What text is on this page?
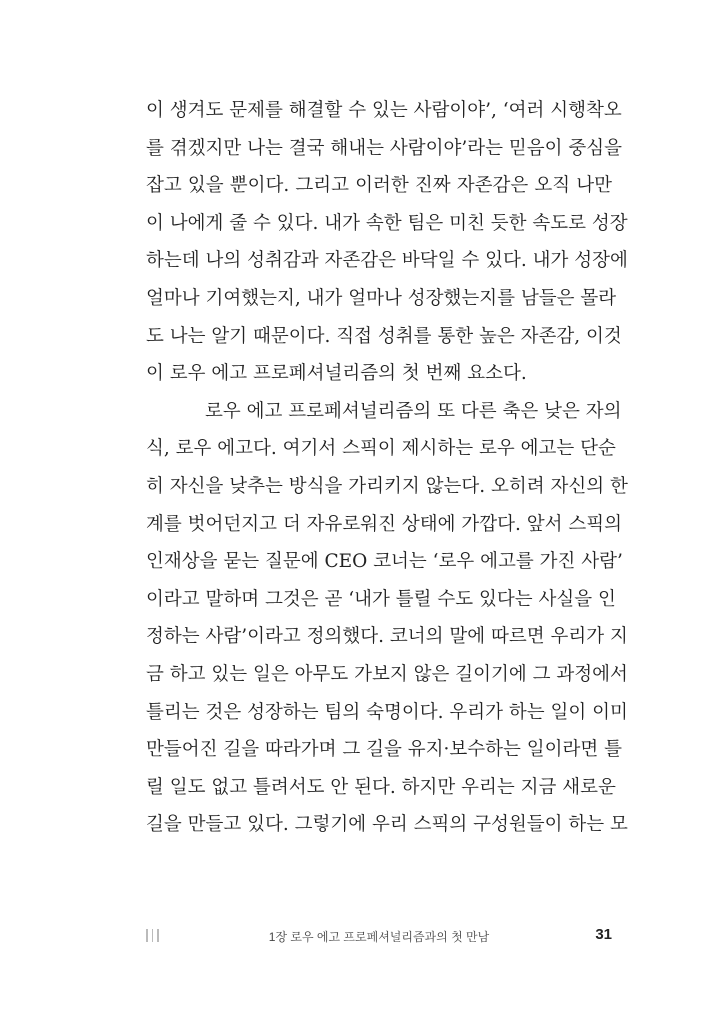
이 생겨도 문제를 해결할 수 있는 사람이야’, ‘여러 시행착오
를 겪겠지만 나는 결국 해내는 사람이야’라는 믿음이 중심을
잡고 있을 뿐이다. 그리고 이러한 진짜 자존감은 오직 나만
이 나에게 줄 수 있다. 내가 속한 팀은 미친 듯한 속도로 성장
하는데 나의 성취감과 자존감은 바닥일 수 있다. 내가 성장에
얼마나 기여했는지, 내가 얼마나 성장했는지를 남들은 몰라
도 나는 알기 때문이다. 직접 성취를 통한 높은 자존감, 이것
이 로우 에고 프로페셔널리즘의 첫 번째 요소다.
로우 에고 프로페셔널리즘의 또 다른 축은 낮은 자의
식, 로우 에고다. 여기서 스픽이 제시하는 로우 에고는 단순
히 자신을 낮추는 방식을 가리키지 않는다. 오히려 자신의 한
계를 벗어던지고 더 자유로워진 상태에 가깝다. 앞서 스픽의
인재상을 묻는 질문에 CEO 코너는 ‘로우 에고를 가진 사람’
이라고 말하며 그것은 곧 ‘내가 틀릴 수도 있다는 사실을 인
정하는 사람’이라고 정의했다. 코너의 말에 따르면 우리가 지
금 하고 있는 일은 아무도 가보지 않은 길이기에 그 과정에서
틀리는 것은 성장하는 팀의 숙명이다. 우리가 하는 일이 이미
만들어진 길을 따라가며 그 길을 유지·보수하는 일이라면 틀
릴 일도 없고 틀려서도 안 된다. 하지만 우리는 지금 새로운
길을 만들고 있다. 그렇기에 우리 스픽의 구성원들이 하는 모
1장 로우 에고 프로페셔널리즘과의 첫 만남	31
